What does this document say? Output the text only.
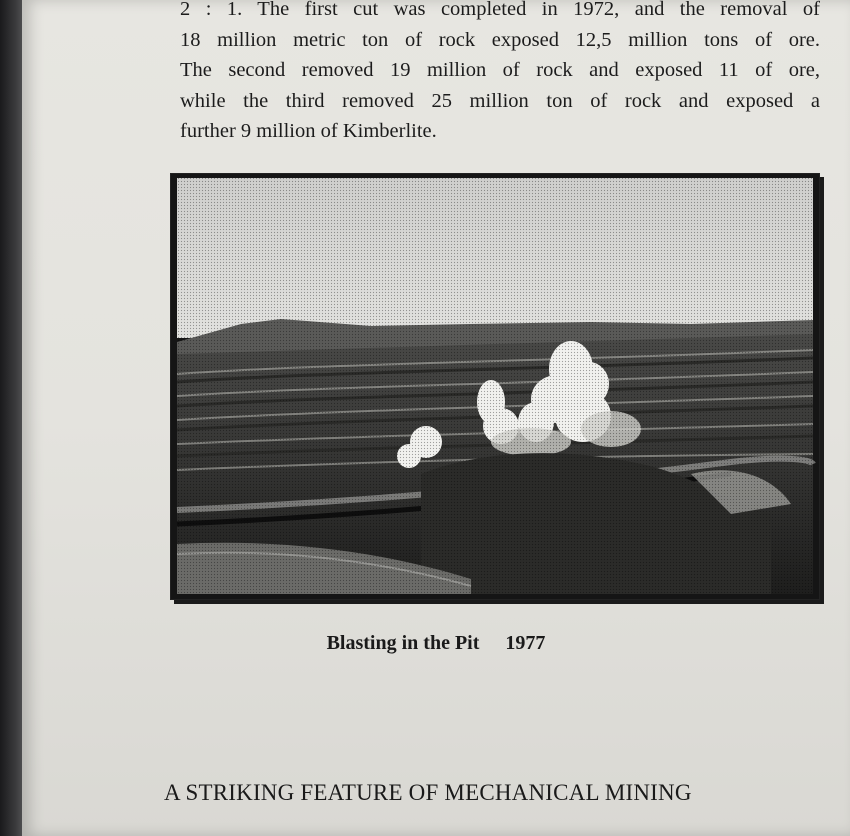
2 : 1. The first cut was completed in 1972, and the removal of
18 million metric ton of rock exposed 12,5 million tons of ore.
The second removed 19 million of rock and exposed 11 of ore,
while the third removed 25 million ton of rock and exposed a
further 9 million of Kimberlite.

Blasting in the Pit 1977
A STRIKING FEATURE OF MECHANICAL MINING
